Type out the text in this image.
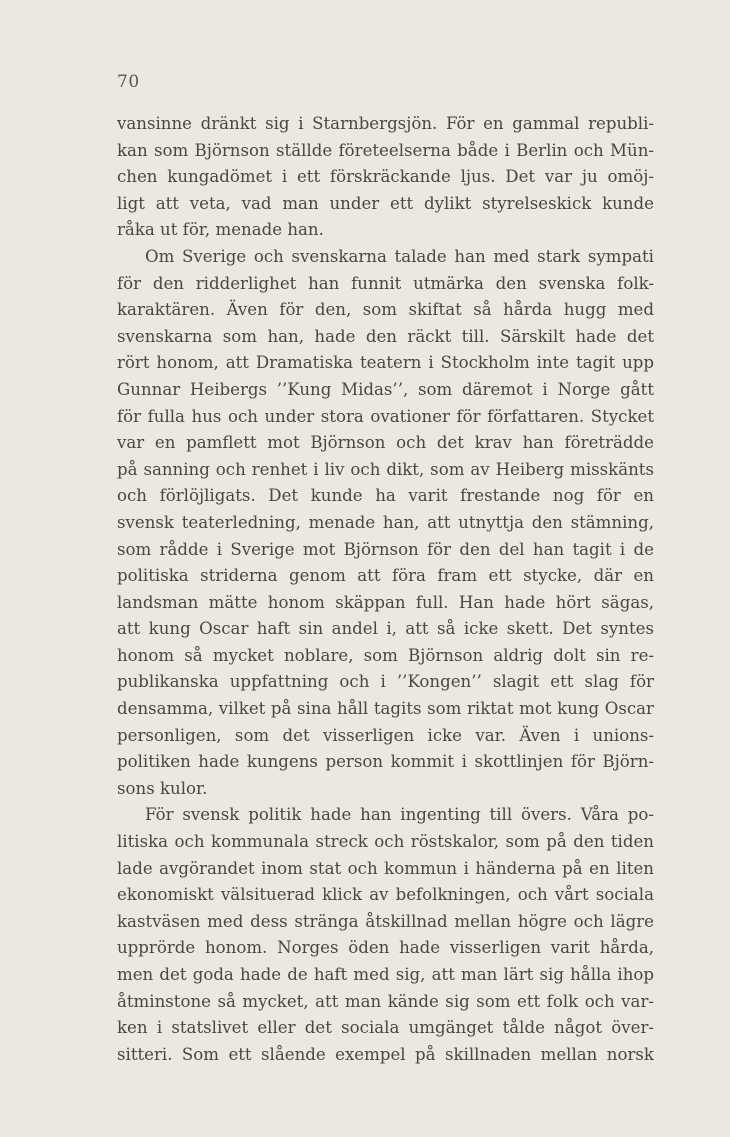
70
vansinne dränkt sig i Starnbergsjön. För en gammal republi-
kan som Björnson ställde företeelserna både i Berlin och Mün-
chen kungadömet i ett förskräckande ljus. Det var ju omöj-
ligt att veta, vad man under ett dylikt styrelseskick kunde
råka ut för, menade han.
Om Sverige och svenskarna talade han med stark sympati
för den ridderlighet han funnit utmärka den svenska folk-
karaktären. Även för den, som skiftat så hårda hugg med
svenskarna som han, hade den räckt till. Särskilt hade det
rört honom, att Dramatiska teatern i Stockholm inte tagit upp
Gunnar Heibergs ’’Kung Midas’’, som däremot i Norge gått
för fulla hus och under stora ovationer för författaren. Stycket
var en pamflett mot Björnson och det krav han företrädde
på sanning och renhet i liv och dikt, som av Heiberg misskänts
och förlöjligats. Det kunde ha varit frestande nog för en
svensk teaterledning, menade han, att utnyttja den stämning,
som rådde i Sverige mot Björnson för den del han tagit i de
politiska striderna genom att föra fram ett stycke, där en
landsman mätte honom skäppan full. Han hade hört sägas,
att kung Oscar haft sin andel i, att så icke skett. Det syntes
honom så mycket noblare, som Björnson aldrig dolt sin re-
publikanska uppfattning och i ’’Kongen’’ slagit ett slag för
densamma, vilket på sina håll tagits som riktat mot kung Oscar
personligen, som det visserligen icke var. Även i unions-
politiken hade kungens person kommit i skottlinjen för Björn-
sons kulor.
För svensk politik hade han ingenting till övers. Våra po-
litiska och kommunala streck och röstskalor, som på den tiden
lade avgörandet inom stat och kommun i händerna på en liten
ekonomiskt välsituerad klick av befolkningen, och vårt sociala
kastväsen med dess stränga åtskillnad mellan högre och lägre
upprörde honom. Norges öden hade visserligen varit hårda,
men det goda hade de haft med sig, att man lärt sig hålla ihop
åtminstone så mycket, att man kände sig som ett folk och var-
ken i statslivet eller det sociala umgänget tålde något över-
sitteri. Som ett slående exempel på skillnaden mellan norsk
